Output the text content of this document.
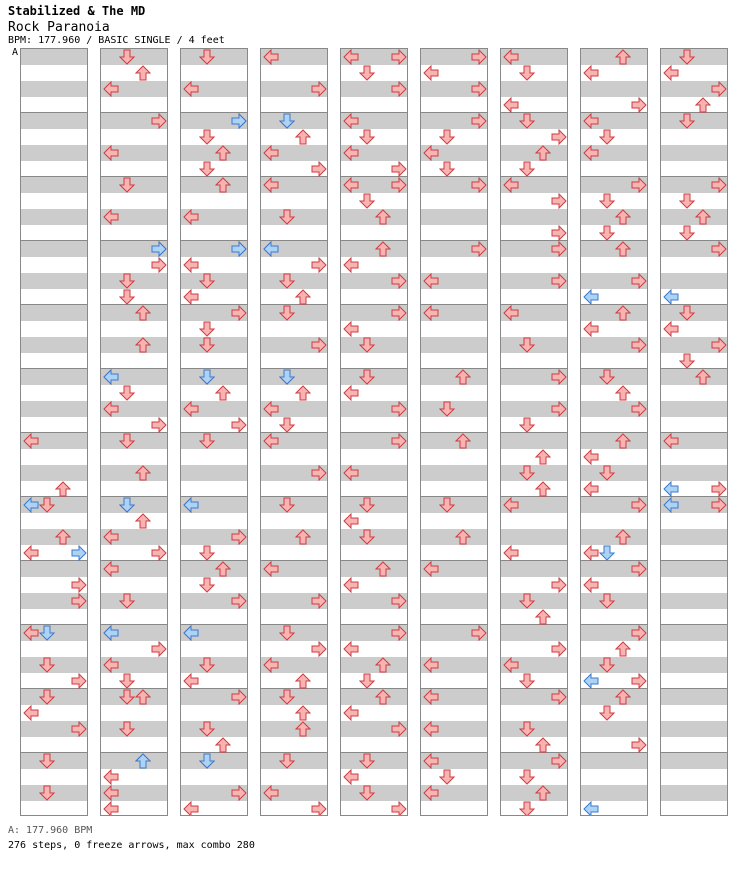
Stabilized & The MD
Rock Paranoia
BPM: 177.960 / BASIC SINGLE / 4 feet
A
A: 177.960 BPM
276 steps, 0 freeze arrows, max combo 280
